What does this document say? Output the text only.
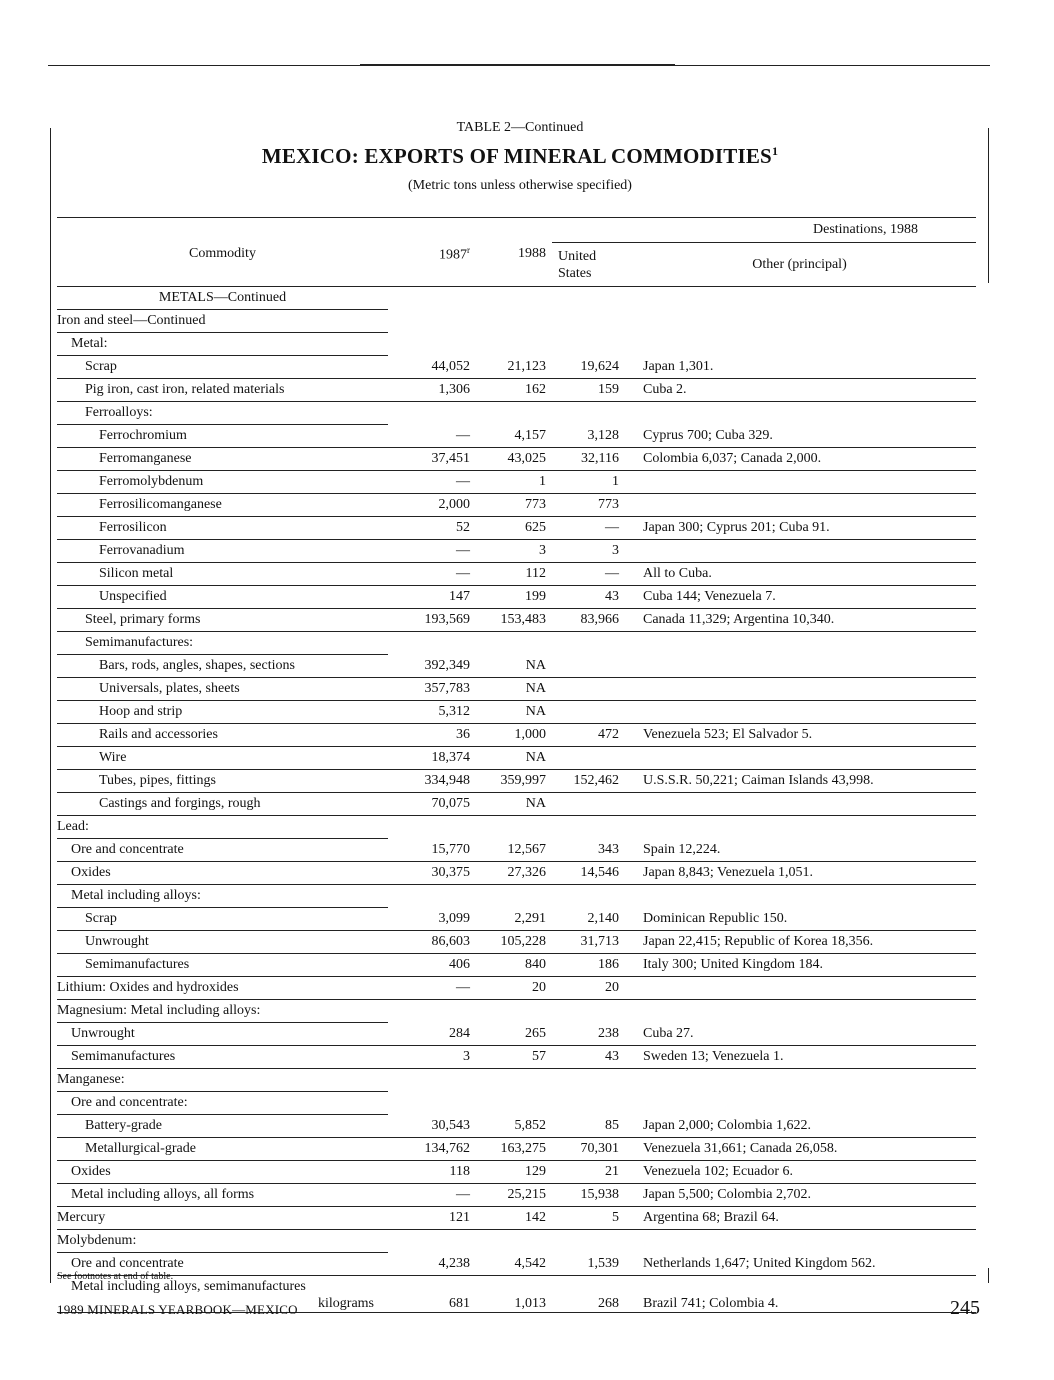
TABLE 2—Continued
MEXICO: EXPORTS OF MINERAL COMMODITIES$^1$
(Metric tons unless otherwise specified)
Commodity	1987$^r$	1988	Destinations, 1988	
			United States	Other (principal)

METALS—Continued				
Iron and steel—Continued				
Metal:				
Scrap	44,052	21,123	19,624	Japan 1,301.
Pig iron, cast iron, related materials	1,306	162	159	Cuba 2.
Ferroalloys:				
Ferrochromium	—	4,157	3,128	Cyprus 700; Cuba 329.
Ferromanganese	37,451	43,025	32,116	Colombia 6,037; Canada 2,000.
Ferromolybdenum	—	1	1	
Ferrosilicomanganese	2,000	773	773	
Ferrosilicon	52	625	—	Japan 300; Cyprus 201; Cuba 91.
Ferrovanadium	—	3	3	
Silicon metal	—	112	—	All to Cuba.
Unspecified	147	199	43	Cuba 144; Venezuela 7.
Steel, primary forms	193,569	153,483	83,966	Canada 11,329; Argentina 10,340.
Semimanufactures:				
Bars, rods, angles, shapes, sections	392,349	NA		
Universals, plates, sheets	357,783	NA		
Hoop and strip	5,312	NA		
Rails and accessories	36	1,000	472	Venezuela 523; El Salvador 5.
Wire	18,374	NA		
Tubes, pipes, fittings	334,948	359,997	152,462	U.S.S.R. 50,221; Caiman Islands 43,998.
Castings and forgings, rough	70,075	NA		
Lead:				
Ore and concentrate	15,770	12,567	343	Spain 12,224.
Oxides	30,375	27,326	14,546	Japan 8,843; Venezuela 1,051.
Metal including alloys:				
Scrap	3,099	2,291	2,140	Dominican Republic 150.
Unwrought	86,603	105,228	31,713	Japan 22,415; Republic of Korea 18,356.
Semimanufactures	406	840	186	Italy 300; United Kingdom 184.
Lithium: Oxides and hydroxides	—	20	20	
Magnesium: Metal including alloys:				
Unwrought	284	265	238	Cuba 27.
Semimanufactures	3	57	43	Sweden 13; Venezuela 1.
Manganese:				
Ore and concentrate:				
Battery-grade	30,543	5,852	85	Japan 2,000; Colombia 1,622.
Metallurgical-grade	134,762	163,275	70,301	Venezuela 31,661; Canada 26,058.
Oxides	118	129	21	Venezuela 102; Ecuador 6.
Metal including alloys, all forms	—	25,215	15,938	Japan 5,500; Colombia 2,702.
Mercury	121	142	5	Argentina 68; Brazil 64.
Molybdenum:				
Ore and concentrate	4,238	4,542	1,539	Netherlands 1,647; United Kingdom 562.

Metal including alloys, semimanufactures
kilograms	681	1,013	268	Brazil 741; Colombia 4.
See footnotes at end of table.
1989 MINERALS YEARBOOK—MEXICO	245
